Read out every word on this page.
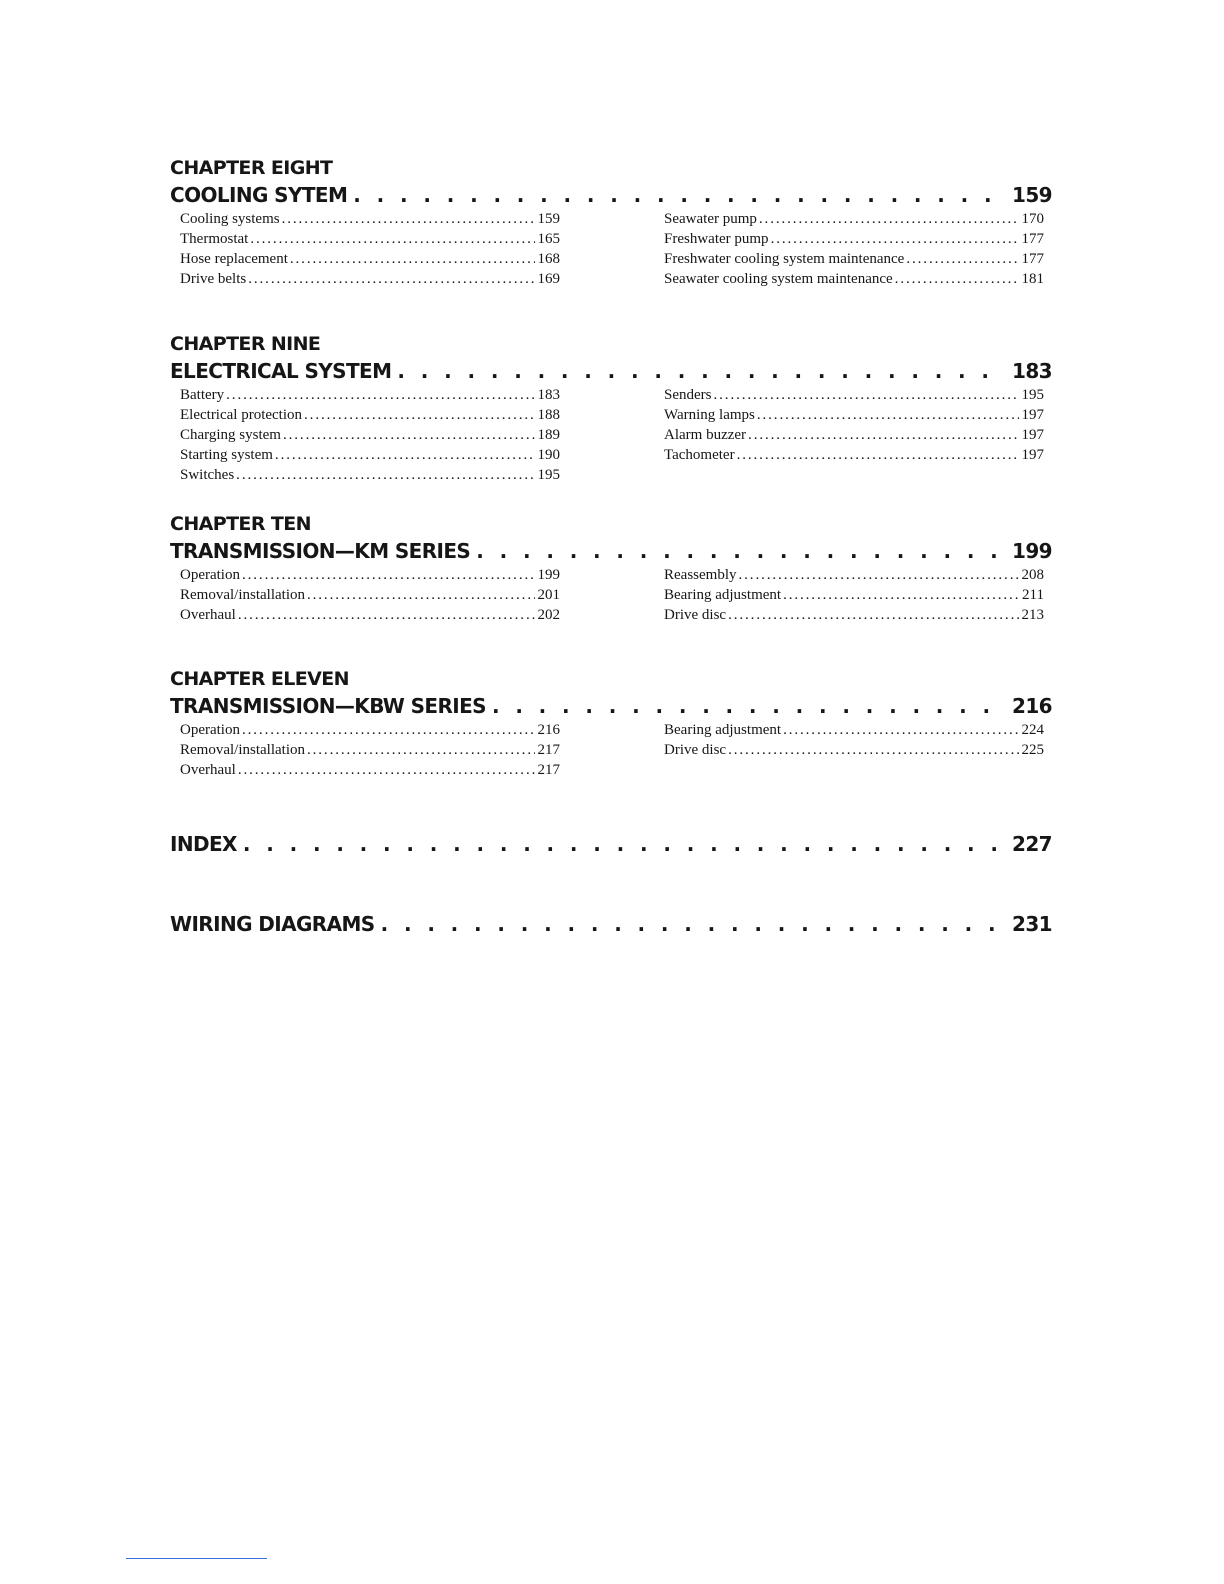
CHAPTER EIGHT
COOLING SYTEM . . .	159
Cooling systems .....	159
Thermostat .....	165
Hose replacement .....	168
Drive belts .....	169
Seawater pump .....	170
Freshwater pump .....	177
Freshwater cooling system maintenance .....	177
Seawater cooling system maintenance .....	181
CHAPTER NINE
ELECTRICAL SYSTEM . . .	183
Battery .....	183
Electrical protection .....	188
Charging system .....	189
Starting system .....	190
Switches .....	195
Senders .....	195
Warning lamps .....	197
Alarm buzzer .....	197
Tachometer .....	197
CHAPTER TEN
TRANSMISSION—KM SERIES . . .	199
Operation .....	199
Removal/installation .....	201
Overhaul .....	202
Reassembly .....	208
Bearing adjustment .....	211
Drive disc .....	213
CHAPTER ELEVEN
TRANSMISSION—KBW SERIES . . .	216
Operation .....	216
Removal/installation .....	217
Overhaul .....	217
Bearing adjustment .....	224
Drive disc .....	225
INDEX . . .	227
WIRING DIAGRAMS . . .	231
